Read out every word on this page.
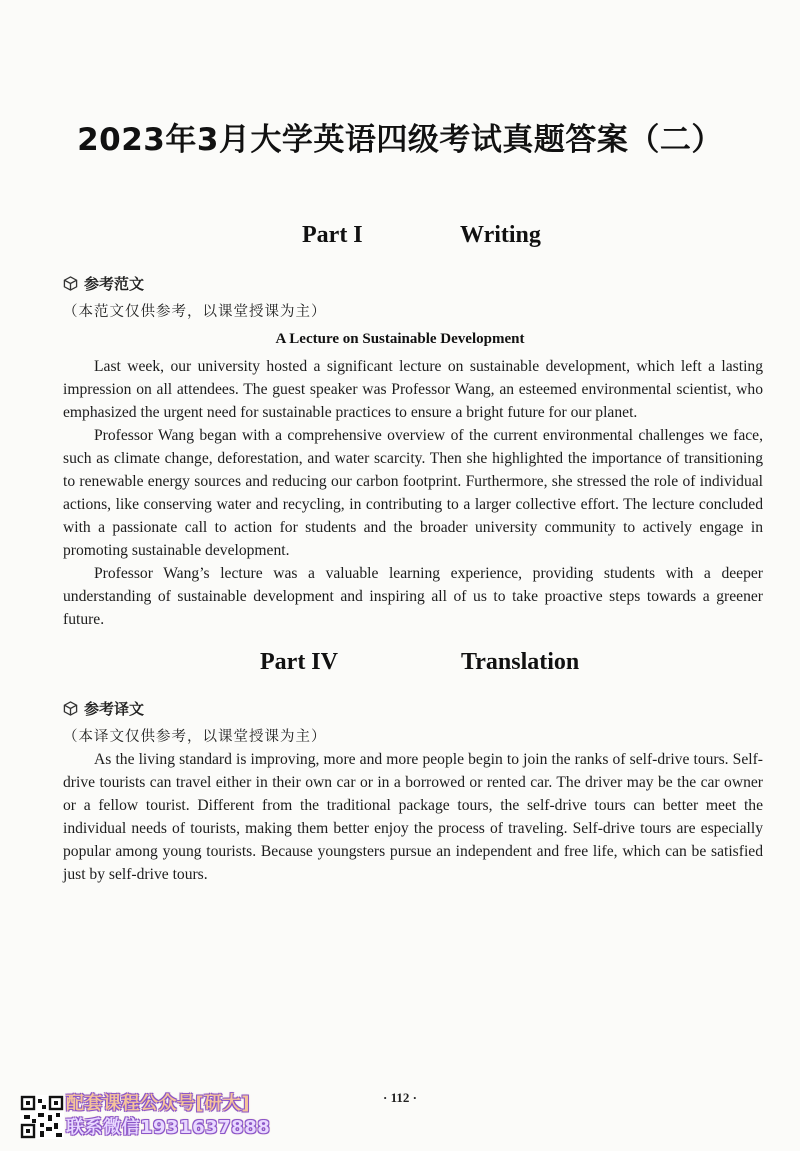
2023年3月大学英语四级考试真题答案（二）
Part I	Writing
参考范文
（本范文仅供参考，以课堂授课为主）
A Lecture on Sustainable Development

Last week, our university hosted a significant lecture on sustainable development, which left a lasting impression on all attendees. The guest speaker was Professor Wang, an esteemed environmental scientist, who emphasized the urgent need for sustainable practices to ensure a bright future for our planet.

Professor Wang began with a comprehensive overview of the current environmental challenges we face, such as climate change, deforestation, and water scarcity. Then she highlighted the importance of transitioning to renewable energy sources and reducing our carbon footprint. Furthermore, she stressed the role of individual actions, like conserving water and recycling, in contributing to a larger collective effort. The lecture concluded with a passionate call to action for students and the broader university community to actively engage in promoting sustainable development.

Professor Wang’s lecture was a valuable learning experience, providing students with a deeper understanding of sustainable development and inspiring all of us to take proactive steps towards a greener future.

Part IV	Translation
参考译文
（本译文仅供参考，以课堂授课为主）

As the living standard is improving, more and more people begin to join the ranks of self-drive tours. Self-drive tourists can travel either in their own car or in a borrowed or rented car. The driver may be the car owner or a fellow tourist. Different from the traditional package tours, the self-drive tours can better meet the individual needs of tourists, making them better enjoy the process of traveling. Self-drive tours are especially popular among young tourists. Because youngsters pursue an independent and free life, which can be satisfied just by self-drive tours.

配套课程公众号[研大]
联系微信1931637888
· 112 ·
